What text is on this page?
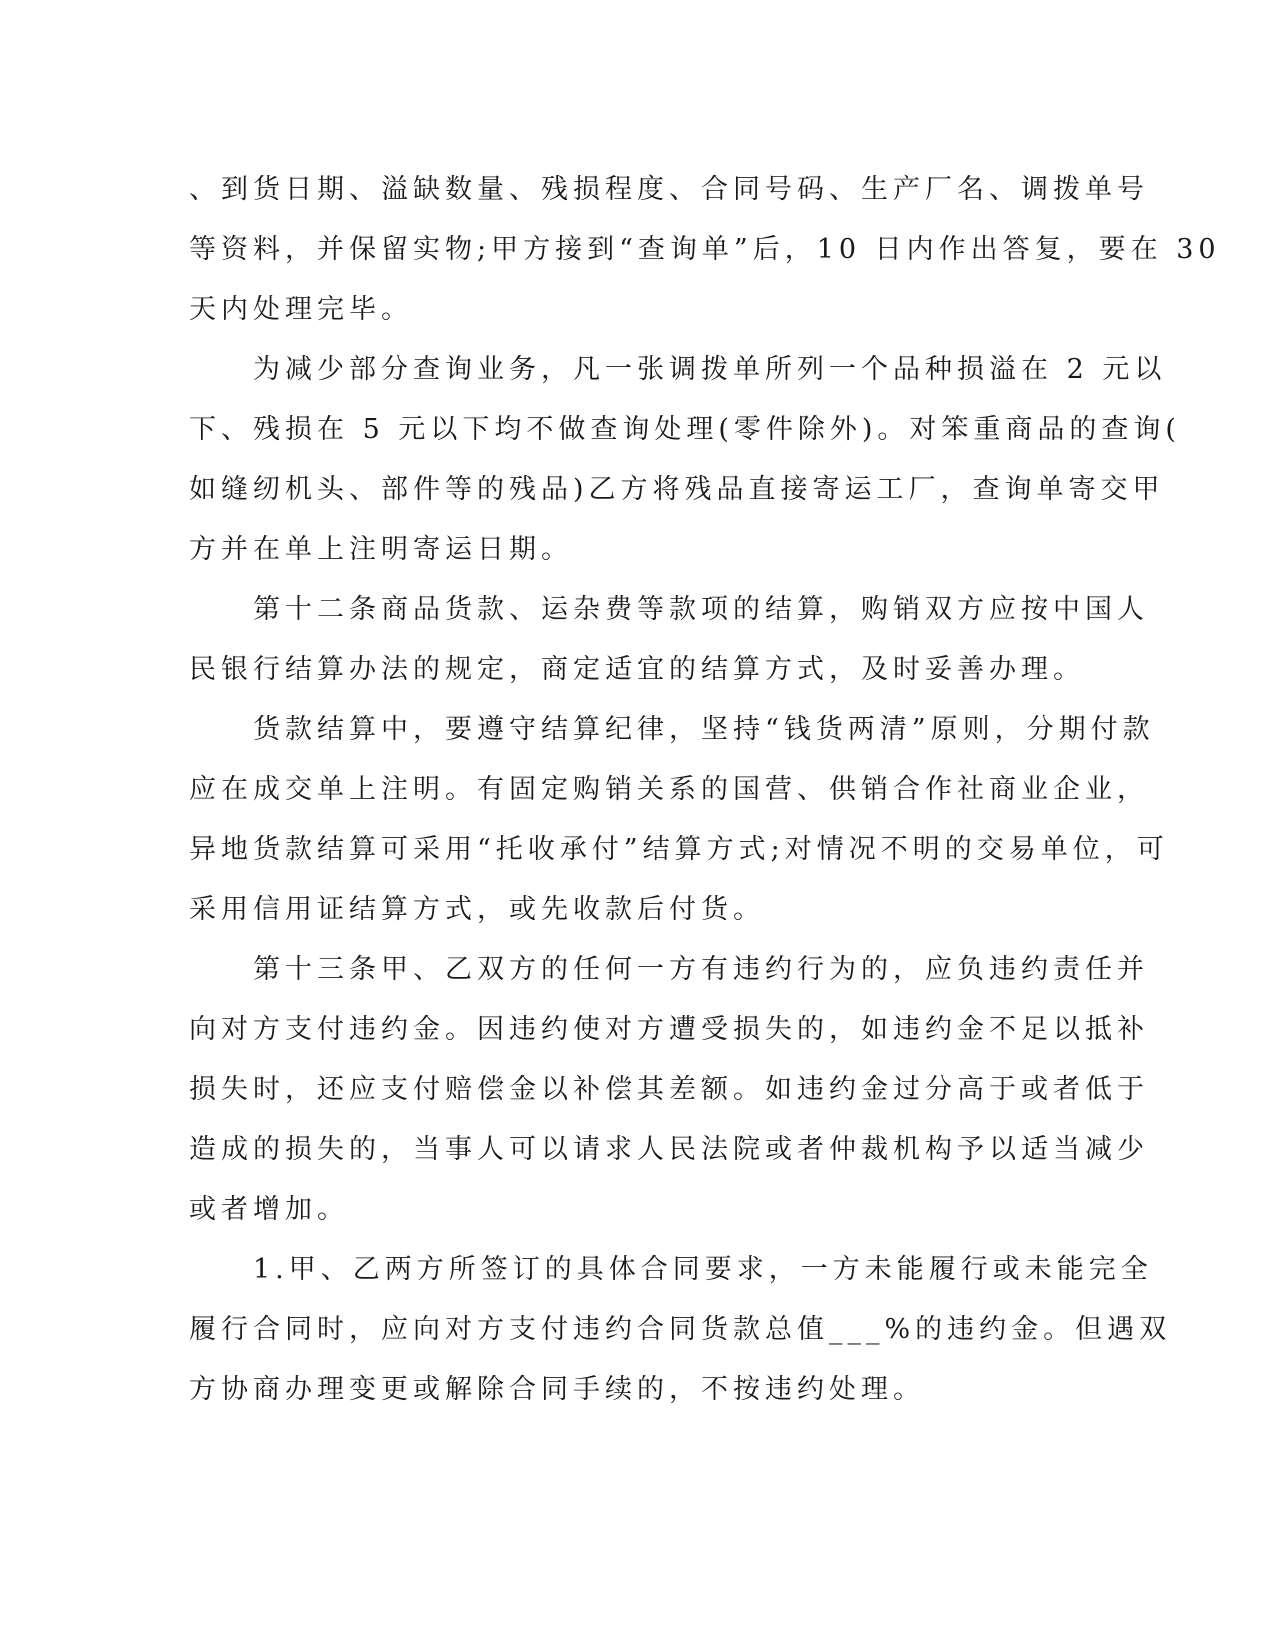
、到货日期、溢缺数量、残损程度、合同号码、生产厂名、调拨单号
等资料，并保留实物;甲方接到“查询单”后，10 日内作出答复，要在 30
天内处理完毕。
为减少部分查询业务，凡一张调拨单所列一个品种损溢在 2 元以
下、残损在 5 元以下均不做查询处理(零件除外)。对笨重商品的查询(
如缝纫机头、部件等的残品)乙方将残品直接寄运工厂，查询单寄交甲
方并在单上注明寄运日期。
第十二条商品货款、运杂费等款项的结算，购销双方应按中国人
民银行结算办法的规定，商定适宜的结算方式，及时妥善办理。
货款结算中，要遵守结算纪律，坚持“钱货两清”原则，分期付款
应在成交单上注明。有固定购销关系的国营、供销合作社商业企业，
异地货款结算可采用“托收承付”结算方式;对情况不明的交易单位，可
采用信用证结算方式，或先收款后付货。
第十三条甲、乙双方的任何一方有违约行为的，应负违约责任并
向对方支付违约金。因违约使对方遭受损失的，如违约金不足以抵补
损失时，还应支付赔偿金以补偿其差额。如违约金过分高于或者低于
造成的损失的，当事人可以请求人民法院或者仲裁机构予以适当减少
或者增加。
1.甲、乙两方所签订的具体合同要求，一方未能履行或未能完全
履行合同时，应向对方支付违约合同货款总值___%的违约金。但遇双
方协商办理变更或解除合同手续的，不按违约处理。
